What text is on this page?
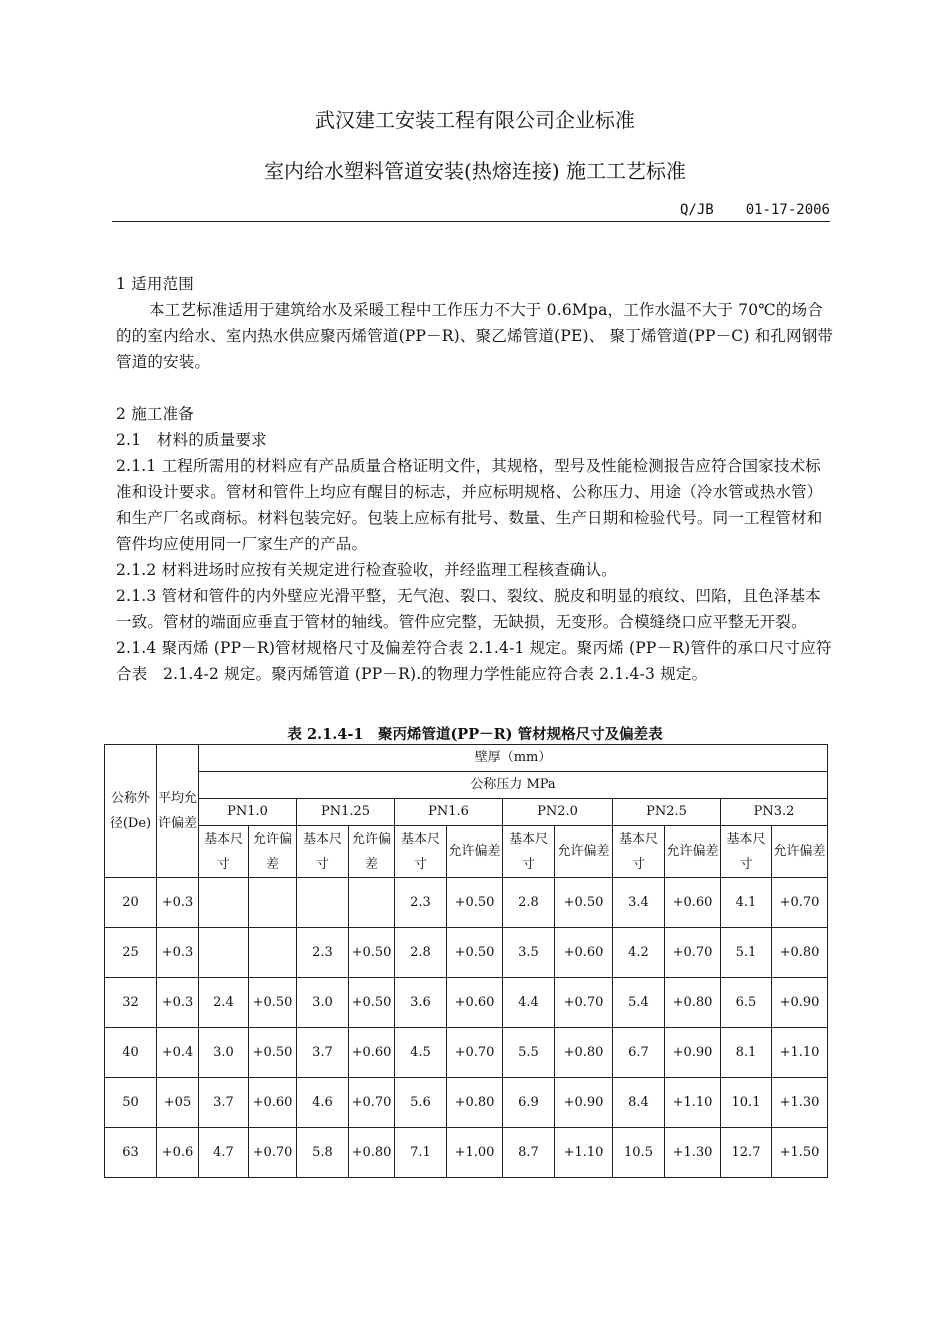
武汉建工安装工程有限公司企业标准
室内给水塑料管道安装(热熔连接) 施工工艺标准
Q/JB 01-17-2006

1 适用范围

本工艺标准适用于建筑给水及采暖工程中工作压力不大于 0.6Mpa，工作水温不大于 70℃的场合的的室内给水、室内热水供应聚丙烯管道(PP－R)、聚乙烯管道(PE)、 聚丁烯管道(PP－C) 和孔网钢带管道的安装。

2 施工准备

2.1　材料的质量要求

2.1.1 工程所需用的材料应有产品质量合格证明文件，其规格，型号及性能检测报告应符合国家技术标准和设计要求。管材和管件上均应有醒目的标志，并应标明规格、公称压力、用途（冷水管或热水管）和生产厂名或商标。材料包装完好。包装上应标有批号、数量、生产日期和检验代号。同一工程管材和管件均应使用同一厂家生产的产品。

2.1.2 材料进场时应按有关规定进行检查验收，并经监理工程核查确认。

2.1.3 管材和管件的内外壁应光滑平整，无气泡、裂口、裂纹、脱皮和明显的痕纹、凹陷，且色泽基本一致。管材的端面应垂直于管材的轴线。管件应完整，无缺损，无变形。合模缝绕口应平整无开裂。

2.1.4 聚丙烯 (PP－R)管材规格尺寸及偏差符合表 2.1.4-1 规定。聚丙烯 (PP－R)管件的承口尺寸应符合表　2.1.4-2 规定。聚丙烯管道 (PP－R).的物理力学性能应符合表 2.1.4-3 规定。

表 2.1.4-1　聚丙烯管道(PP－R) 管材规格尺寸及偏差表
公称外径(De)	平均允许偏差	壁厚（mm）											
		公称压力 MPa											
		PN1.0		PN1.25		PN1.6		PN2.0		PN2.5		PN3.2	

		基本尺寸	允许偏差	基本尺寸	允许偏差	基本尺寸	允许偏差	基本尺寸	允许偏差	基本尺寸	允许偏差	基本尺寸	允许偏差

20	+0.3					2.3	+0.50	2.8	+0.50	3.4	+0.60	4.1	+0.70

25	+0.3			2.3	+0.50	2.8	+0.50	3.5	+0.60	4.2	+0.70	5.1	+0.80

32	+0.3	2.4	+0.50	3.0	+0.50	3.6	+0.60	4.4	+0.70	5.4	+0.80	6.5	+0.90

40	+0.4	3.0	+0.50	3.7	+0.60	4.5	+0.70	5.5	+0.80	6.7	+0.90	8.1	+1.10

50	+05	3.7	+0.60	4.6	+0.70	5.6	+0.80	6.9	+0.90	8.4	+1.10	10.1	+1.30

63	+0.6	4.7	+0.70	5.8	+0.80	7.1	+1.00	8.7	+1.10	10.5	+1.30	12.7	+1.50
